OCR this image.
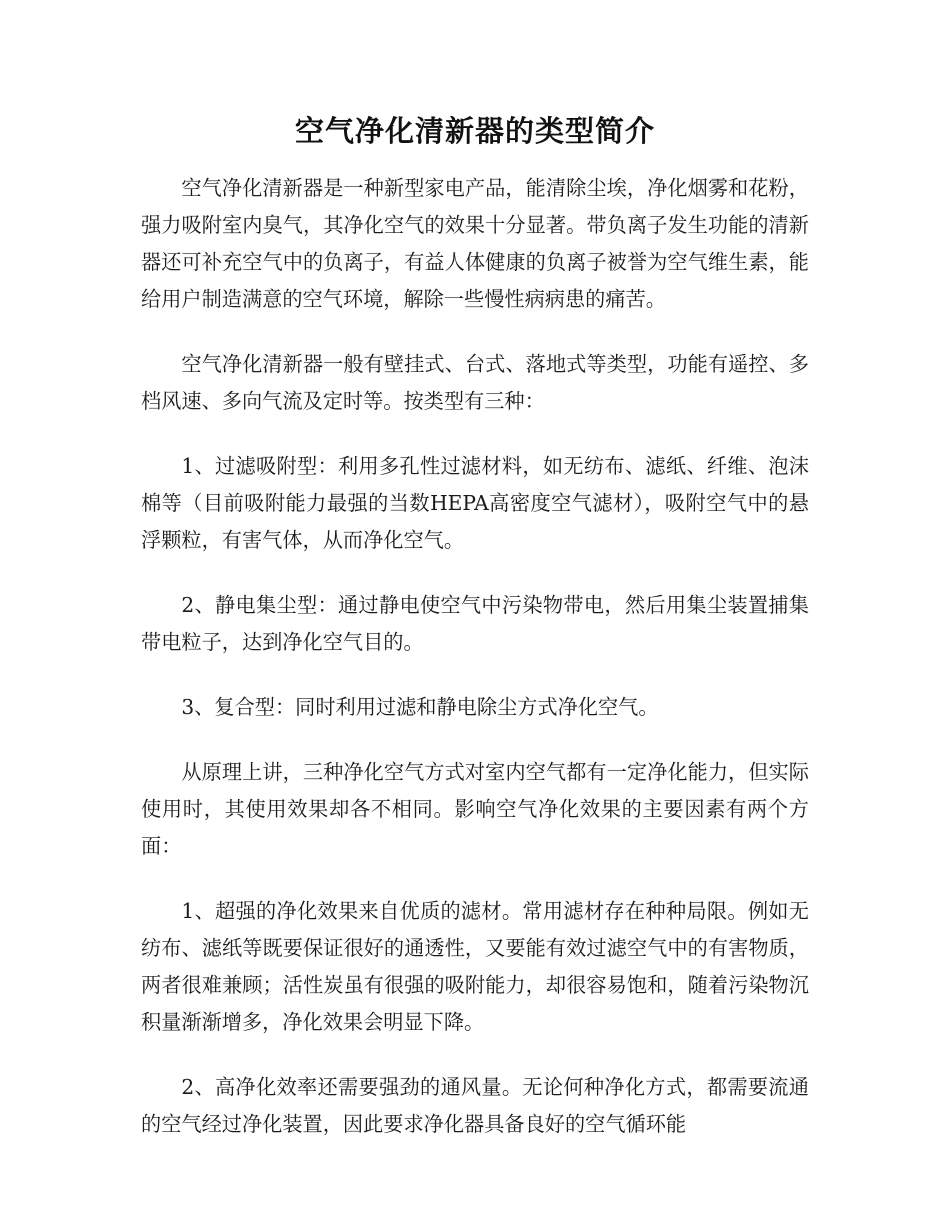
空气净化清新器的类型简介

空气净化清新器是一种新型家电产品，能清除尘埃，净化烟雾和花粉，强力吸附室内臭气，其净化空气的效果十分显著。带负离子发生功能的清新器还可补充空气中的负离子，有益人体健康的负离子被誉为空气维生素，能给用户制造满意的空气环境，解除一些慢性病病患的痛苦。

空气净化清新器一般有壁挂式、台式、落地式等类型，功能有遥控、多档风速、多向气流及定时等。按类型有三种：

1、过滤吸附型：利用多孔性过滤材料，如无纺布、滤纸、纤维、泡沫棉等（目前吸附能力最强的当数HEPA高密度空气滤材），吸附空气中的悬浮颗粒，有害气体，从而净化空气。

2、静电集尘型：通过静电使空气中污染物带电，然后用集尘装置捕集带电粒子，达到净化空气目的。

3、复合型：同时利用过滤和静电除尘方式净化空气。

从原理上讲，三种净化空气方式对室内空气都有一定净化能力，但实际使用时，其使用效果却各不相同。影响空气净化效果的主要因素有两个方面：

1、超强的净化效果来自优质的滤材。常用滤材存在种种局限。例如无纺布、滤纸等既要保证很好的通透性，又要能有效过滤空气中的有害物质，两者很难兼顾；活性炭虽有很强的吸附能力，却很容易饱和，随着污染物沉积量渐渐增多，净化效果会明显下降。

2、高净化效率还需要强劲的通风量。无论何种净化方式，都需要流通的空气经过净化装置，因此要求净化器具备良好的空气循环能
